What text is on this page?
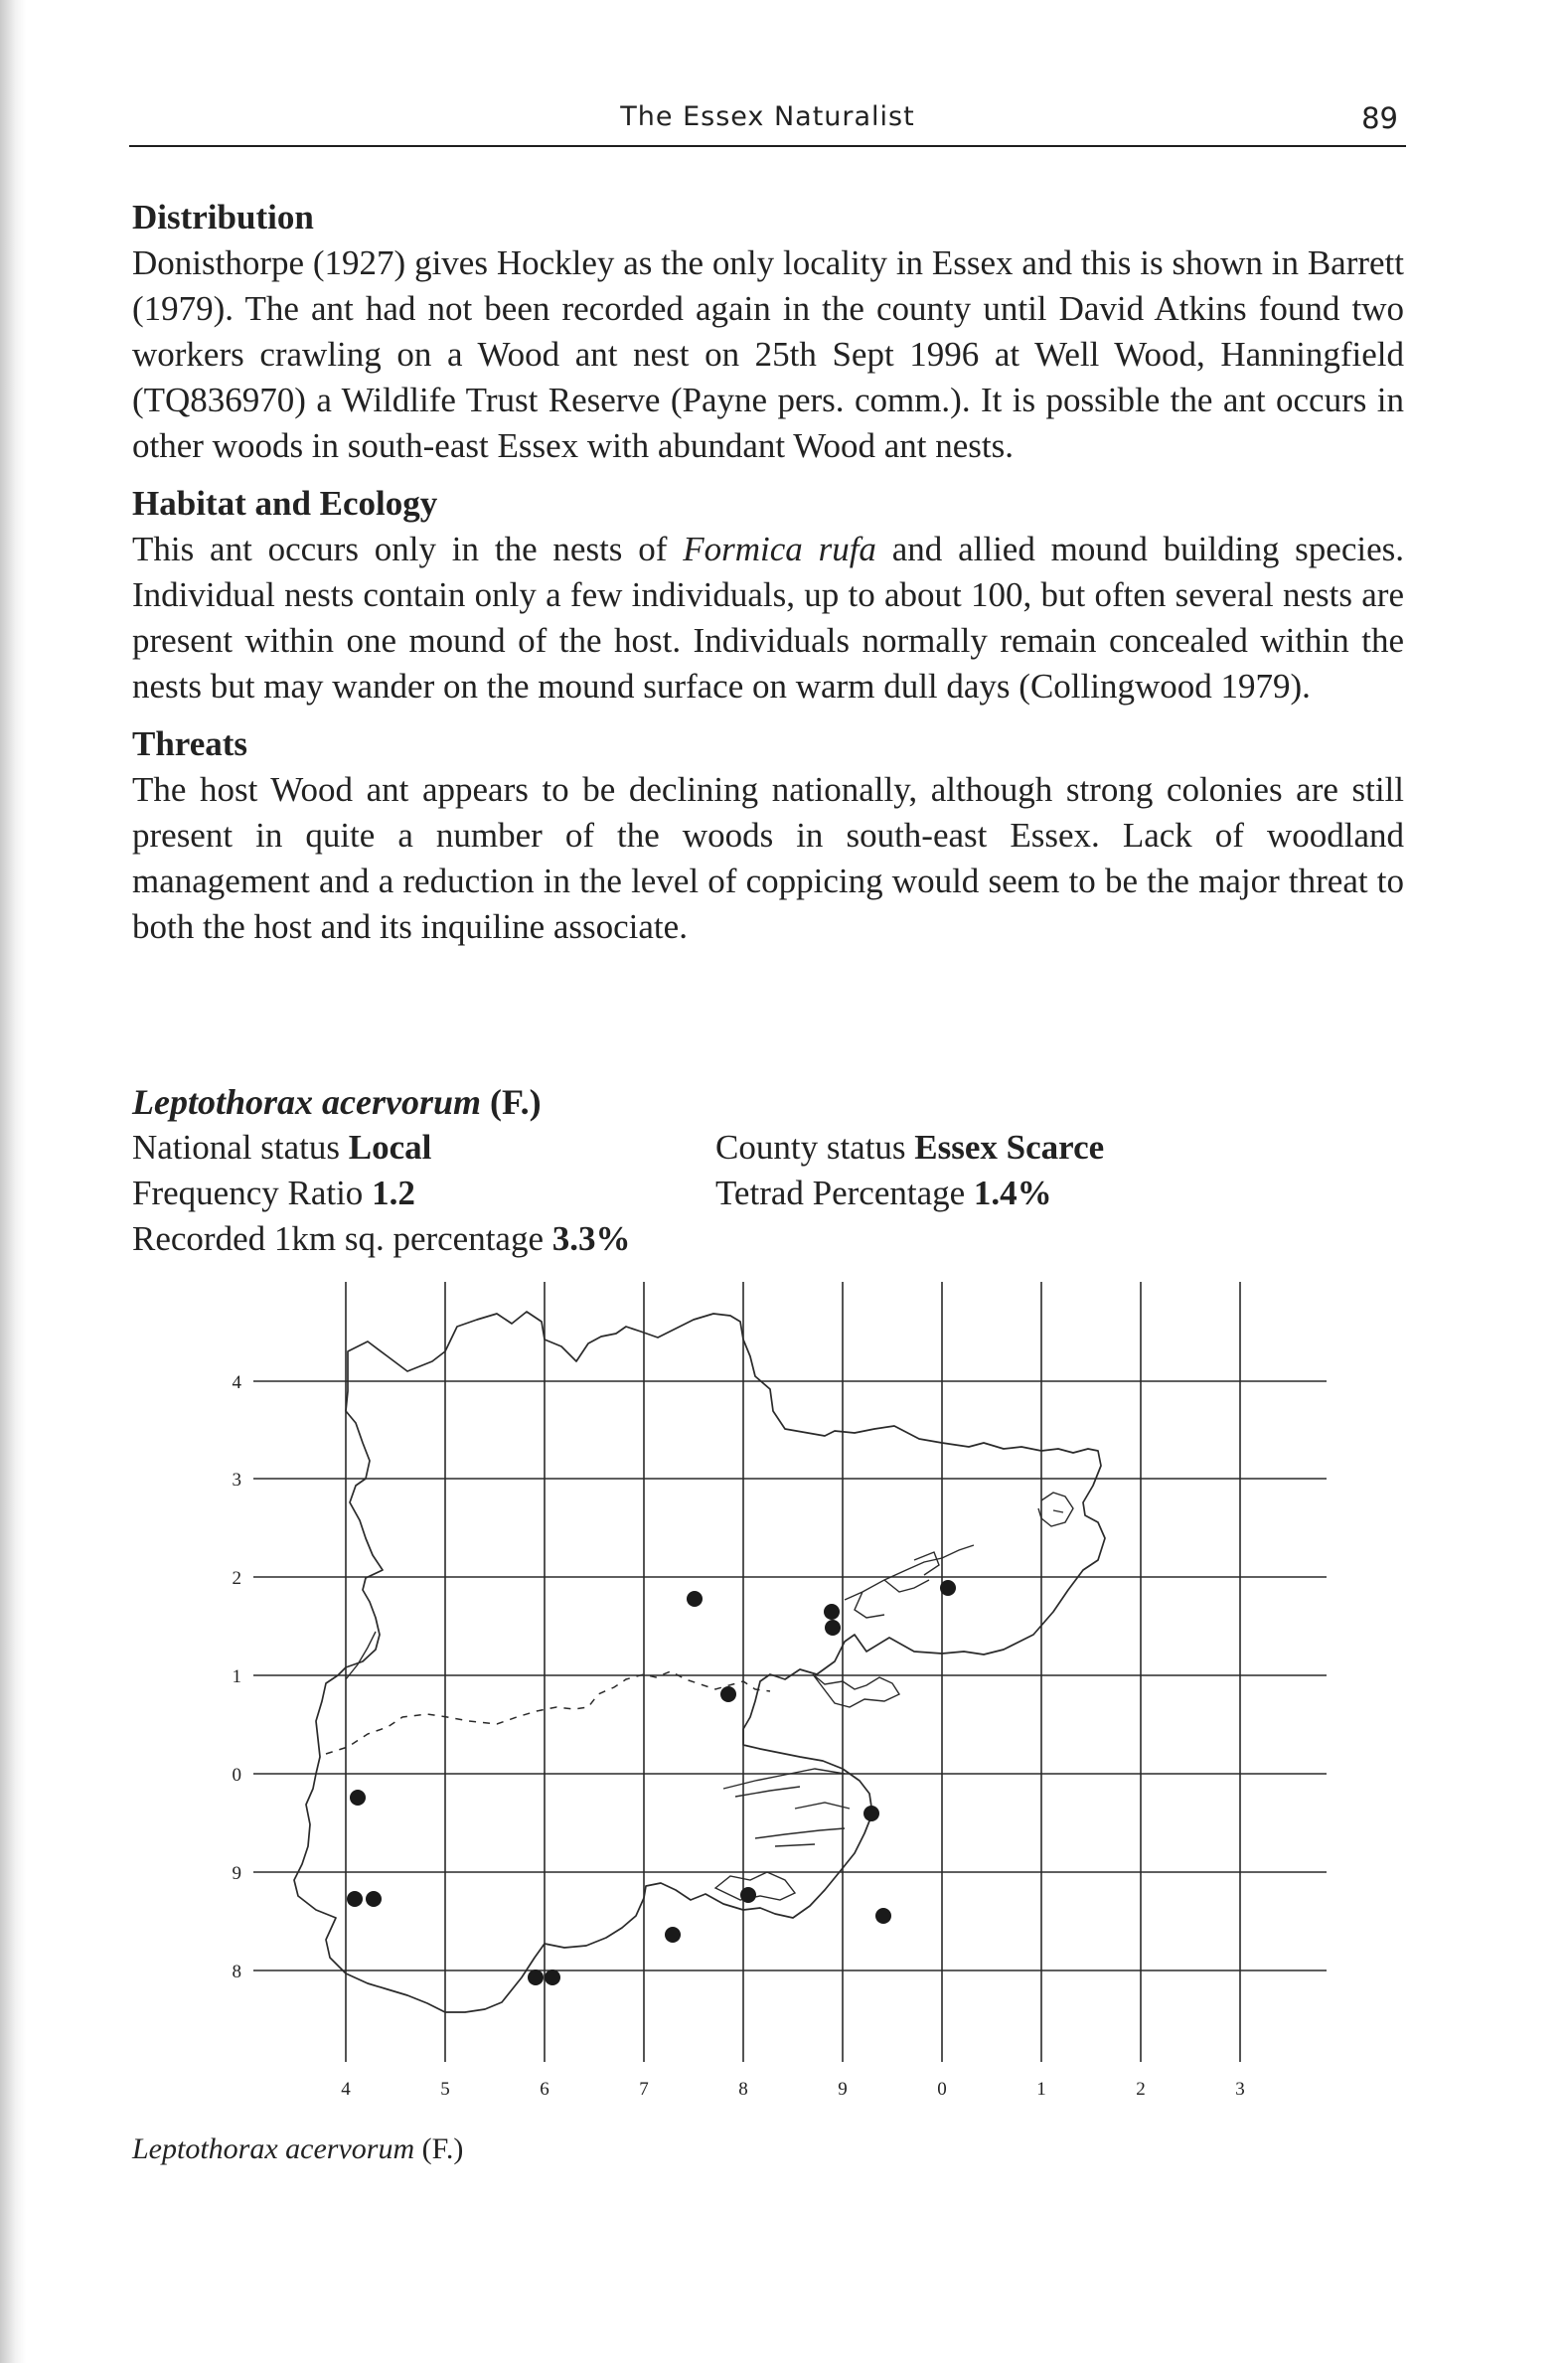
The Essex Naturalist	89
Distribution

Donisthorpe (1927) gives Hockley as the only locality in Essex and this is shown in Barrett (1979). The ant had not been recorded again in the county until David Atkins found two workers crawling on a Wood ant nest on 25th Sept 1996 at Well Wood, Hanningfield (TQ836970) a Wildlife Trust Reserve (Payne pers. comm.). It is possible the ant occurs in other woods in south-east Essex with abundant Wood ant nests.

Habitat and Ecology

This ant occurs only in the nests of Formica rufa and allied mound building species. Individual nests contain only a few individuals, up to about 100, but often several nests are present within one mound of the host. Individuals normally remain concealed within the nests but may wander on the mound surface on warm dull days (Collingwood 1979).

Threats

The host Wood ant appears to be declining nationally, although strong colonies are still present in quite a number of the woods in south-east Essex. Lack of woodland management and a reduction in the level of coppicing would seem to be the major threat to both the host and its inquiline associate.

Leptothorax acervorum (F.)
National status Local	County status Essex Scarce
Frequency Ratio 1.2	Tetrad Percentage 1.4%
Recorded 1km sq. percentage 3.3%
4
3
2
1
0
9
8
4	5	6	7	8	9	0	1	2	3
Leptothorax acervorum (F.)
